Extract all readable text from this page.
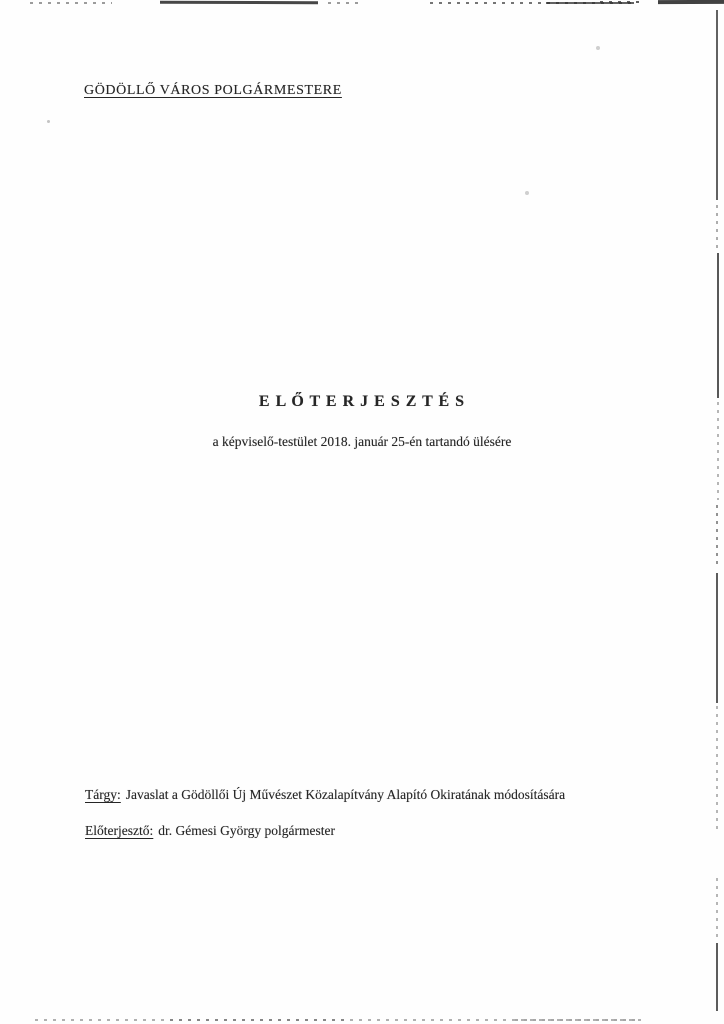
GÖDÖLLŐ VÁROS POLGÁRMESTERE
E L Ő T E R J E S Z T É S
a képviselő-testület 2018. január 25-én tartandó ülésére
Tárgy: Javaslat a Gödöllői Új Művészet Közalapítvány Alapító Okiratának módosítására
Előterjesztő: dr. Gémesi György polgármester
